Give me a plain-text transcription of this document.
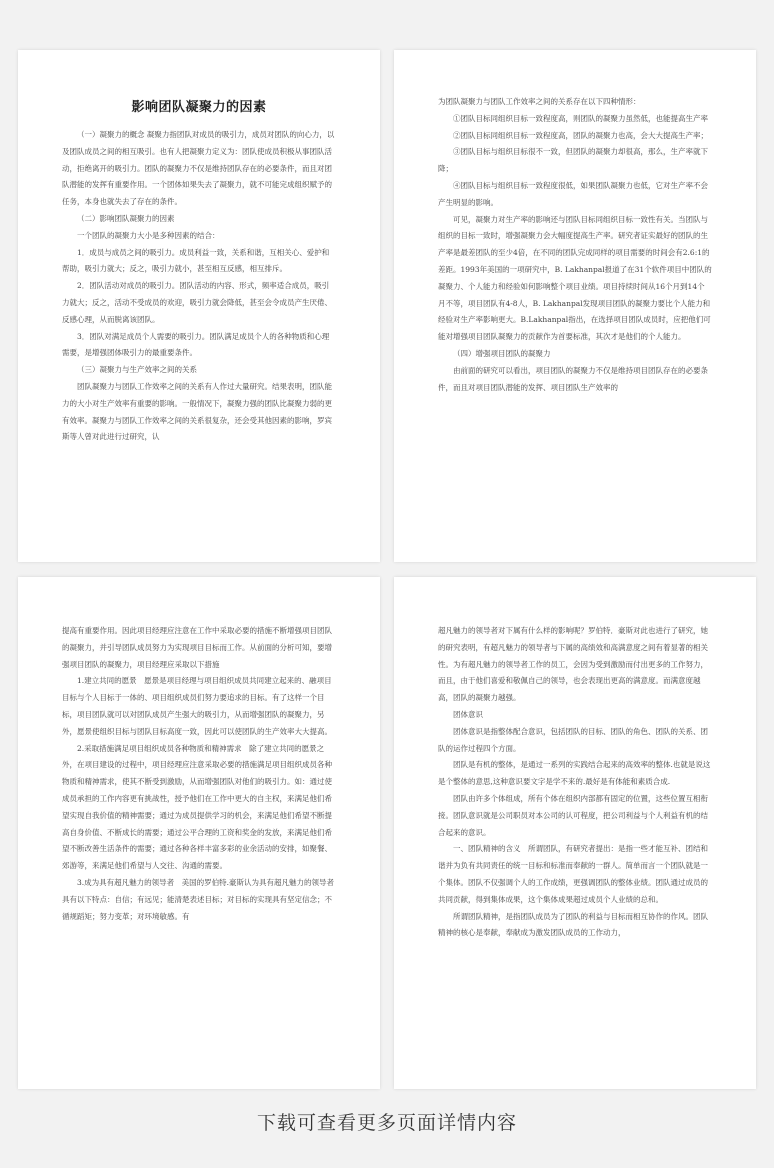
影响团队凝聚力的因素
（一）凝聚力的概念 凝聚力指团队对成员的吸引力，成员对团队的向心力，以及团队成员之间的相互吸引。也有人把凝聚力定义为：团队使成员积极从事团队活动，拒绝离开的吸引力。团队的凝聚力不仅是维持团队存在的必要条件，而且对团队潜能的发挥有重要作用。一个团体如果失去了凝聚力，就不可能完成组织赋予的任务，本身也就失去了存在的条件。
（二）影响团队凝聚力的因素
一个团队的凝聚力大小是多种因素的结合：
1．成员与成员之间的吸引力。成员利益一致，关系和谐，互相关心、爱护和帮助，吸引力就大；反之，吸引力就小，甚至相互反感，相互排斥。
2．团队活动对成员的吸引力。团队活动的内容、形式，频率适合成员，吸引力就大；反之，活动不受成员的欢迎，吸引力就会降低，甚至会令成员产生厌倦、反感心理，从而脱离该团队。
3．团队对满足成员个人需要的吸引力。团队满足成员个人的各种物质和心理需要，是增强团体吸引力的最重要条件。
（三）凝聚力与生产效率之间的关系
团队凝聚力与团队工作效率之间的关系有人作过大量研究。结果表明，团队能力的大小对生产效率有重要的影响。一般情况下，凝聚力强的团队比凝聚力弱的更有效率。凝聚力与团队工作效率之间的关系很复杂，还会受其他因素的影响，罗宾斯等人曾对此进行过研究，认
为团队凝聚力与团队工作效率之间的关系存在以下四种情形：
①团队目标同组织目标一致程度高，则团队的凝聚力虽然低，也能提高生产率
②团队目标同组织目标一致程度高，团队的凝聚力也高，会大大提高生产率；
③团队目标与组织目标很不一致，但团队的凝聚力却很高，那么，生产率就下降；
④团队目标与组织目标一致程度很低，如果团队凝聚力也低，它对生产率不会产生明显的影响。
可见，凝聚力对生产率的影响还与团队目标同组织目标一致性有关。当团队与组织的目标一致时，增强凝聚力会大幅度提高生产率。研究者证实最好的团队的生产率是最差团队的至少4倍，在不同的团队完成同样的项目需要的时间会有2.6:1的差距。1993年美国的一项研究中，B. Lakhanpal报道了在31个软件项目中团队的凝聚力、个人能力和经验如何影响整个项目业绩。项目持续时间从16个月到14个月不等，项目团队有4-8人，B. Lakhanpal发现项目团队的凝聚力要比个人能力和经验对生产率影响更大。B.Lakhanpal指出，在选择项目团队成员时，应把他们可能对增强项目团队凝聚力的贡献作为首要标准，其次才是他们的个人能力。
（四）增强项目团队的凝聚力
由前面的研究可以看出，项目团队的凝聚力不仅是维持项目团队存在的必要条件，而且对项目团队潜能的发挥、项目团队生产效率的
提高有重要作用。因此项目经理应注意在工作中采取必要的措施不断增强项目团队的凝聚力，并引导团队成员努力为实现项目目标而工作。从前面的分析可知，要增强项目团队的凝聚力，项目经理应采取以下措施
1.建立共同的愿景　愿景是项目经理与项目组织成员共同建立起来的、融项目目标与个人目标于一体的、项目组织成员们努力要追求的目标。有了这样一个目标，项目团队就可以对团队成员产生强大的吸引力，从而增强团队的凝聚力，另外，愿景使组织目标与团队目标高度一致，因此可以使团队的生产效率大大提高。
2.采取措施满足项目组织成员各种物质和精神需求　除了建立共同的愿景之外，在项目建设的过程中，项目经理应注意采取必要的措施满足项目组织成员各种物质和精神需求，使其不断受到激励，从而增强团队对他们的吸引力。如：通过使成员承担的工作内容更有挑战性，授予他们在工作中更大的自主权，来满足他们希望实现自我价值的精神需要；通过为成员提供学习的机会，来满足他们希望不断提高自身价值、不断成长的需要；通过公平合理的工资和奖金的发放，来满足他们希望不断改善生活条件的需要；通过各种各样丰富多彩的业余活动的安排，如聚餐、郊游等，来满足他们希望与人交往、沟通的需要。
3.成为具有超凡魅力的领导者　美国的罗伯特.豪斯认为具有超凡魅力的领导者具有以下特点：自信；有远见；能清楚表述目标；对目标的实现具有坚定信念；不循规蹈矩；努力变革；对环境敏感。有
超凡魅力的领导者对下属有什么样的影响呢？罗伯特．豪斯对此也进行了研究，她的研究表明，有超凡魅力的领导者与下属的高绩效和高满意度之间有着显著的相关性。为有超凡魅力的领导者工作的员工，会因为受到激励而付出更多的工作努力，而且，由于他们喜爱和敬佩自己的领导，也会表现出更高的满意度。而满意度越高，团队的凝聚力越强。
团体意识
团体意识是指整体配合意识，包括团队的目标、团队的角色、团队的关系、团队的运作过程四个方面。
团队是有机的整体，是通过一系列的实践结合起来的高效率的整体.也就是说这是个整体的意思,这种意识要文字是学不来的.最好是有体能和素质合成.
团队由许多个体组成，所有个体在组织内部都有固定的位置，这些位置互相衔接。团队意识就是公司职员对本公司的认可程度，把公司利益与个人利益有机的结合起来的意识。
一、团队精神的含义　所谓团队，有研究者提出：是指一些才能互补、团结和谐并为负有共同责任的统一目标和标准而奉献的一群人。简单而言一个团队就是一个集体。团队不仅强调个人的工作成绩，更强调团队的整体业绩。团队通过成员的共同贡献，得到集体成果，这个集体成果超过成员个人业绩的总和。
所谓团队精神，是指团队成员为了团队的利益与目标而相互协作的作风。团队精神的核心是奉献，奉献成为激发团队成员的工作动力，
下载可查看更多页面详情内容
